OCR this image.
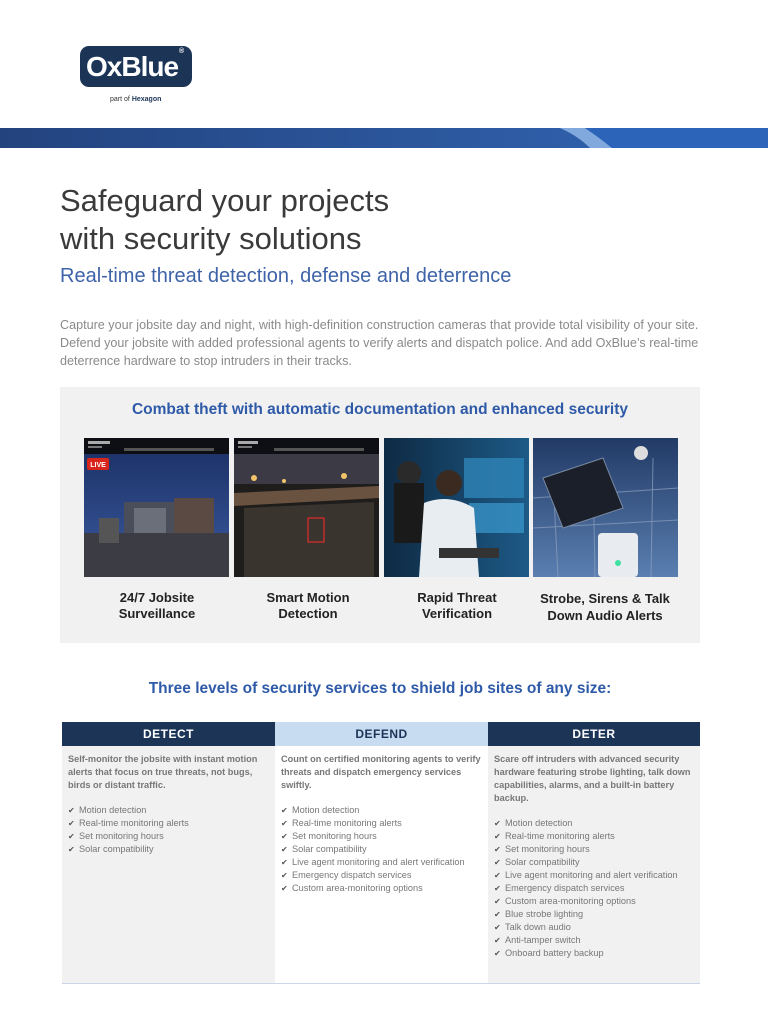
OxBlue®
part of Hexagon
Safeguard your projects
with security solutions
Real-time threat detection, defense and deterrence
Capture your jobsite day and night, with high-definition construction cameras that provide total visibility of your site. Defend your jobsite with added professional agents to verify alerts and dispatch police. And add OxBlue’s real-time deterrence hardware to stop intruders in their tracks.
Combat theft with automatic documentation and enhanced security
LIVE
24/7 Jobsite
Surveillance
Smart Motion
Detection
Rapid Threat
Verification
Strobe, Sirens & Talk
Down Audio Alerts
Three levels of security services to shield job sites of any size:
DETECT	DEFEND	DETER
Self-monitor the jobsite with instant motion alerts that focus on true threats, not bugs, birds or distant traffic.
✔ Motion detection
✔ Real-time monitoring alerts
✔ Set monitoring hours
✔ Solar compatibility
Count on certified monitoring agents to verify threats and dispatch emergency services swiftly.
✔ Motion detection
✔ Real-time monitoring alerts
✔ Set monitoring hours
✔ Solar compatibility
✔ Live agent monitoring and alert verification
✔ Emergency dispatch services
✔ Custom area-monitoring options
Scare off intruders with advanced security hardware featuring strobe lighting, talk down capabilities, alarms, and a built-in battery backup.
✔ Motion detection
✔ Real-time monitoring alerts
✔ Set monitoring hours
✔ Solar compatibility
✔ Live agent monitoring and alert verification
✔ Emergency dispatch services
✔ Custom area-monitoring options
✔ Blue strobe lighting
✔ Talk down audio
✔ Anti-tamper switch
✔ Onboard battery backup
